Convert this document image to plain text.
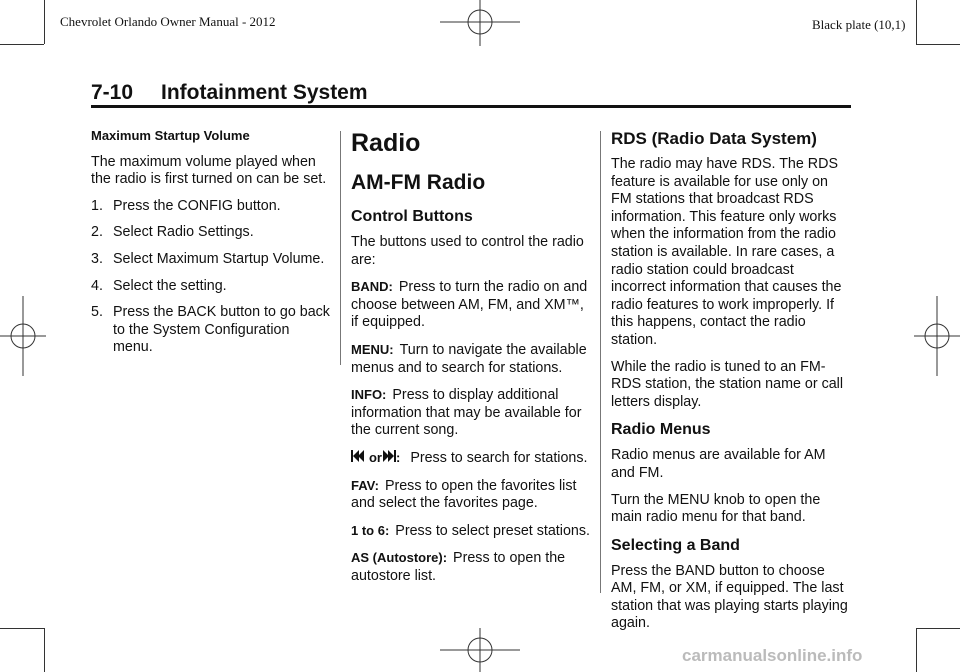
Chevrolet Orlando Owner Manual - 2012	Black plate (10,1)
7-10 Infotainment System
Maximum Startup Volume

The maximum volume played when the radio is first turned on can be set.

1. Press the CONFIG button.
2. Select Radio Settings.
3. Select Maximum Startup Volume.
4. Select the setting.
5. Press the BACK button to go back to the System Configuration menu.
Radio
AM-FM Radio
Control Buttons

The buttons used to control the radio are:

BAND: Press to turn the radio on and choose between AM, FM, and XM™, if equipped.

MENU: Turn to navigate the available menus and to search for stations.

INFO: Press to display additional information that may be available for the current song.

or : Press to search for stations.

FAV: Press to open the favorites list and select the favorites page.

1 to 6: Press to select preset stations.

AS (Autostore): Press to open the autostore list.

RDS (Radio Data System)

The radio may have RDS. The RDS feature is available for use only on FM stations that broadcast RDS information. This feature only works when the information from the radio station is available. In rare cases, a radio station could broadcast incorrect information that causes the radio features to work improperly. If this happens, contact the radio station.

While the radio is tuned to an FM-RDS station, the station name or call letters display.

Radio Menus

Radio menus are available for AM and FM.

Turn the MENU knob to open the main radio menu for that band.

Selecting a Band

Press the BAND button to choose AM, FM, or XM, if equipped. The last station that was playing starts playing again.

carmanualsonline.info
